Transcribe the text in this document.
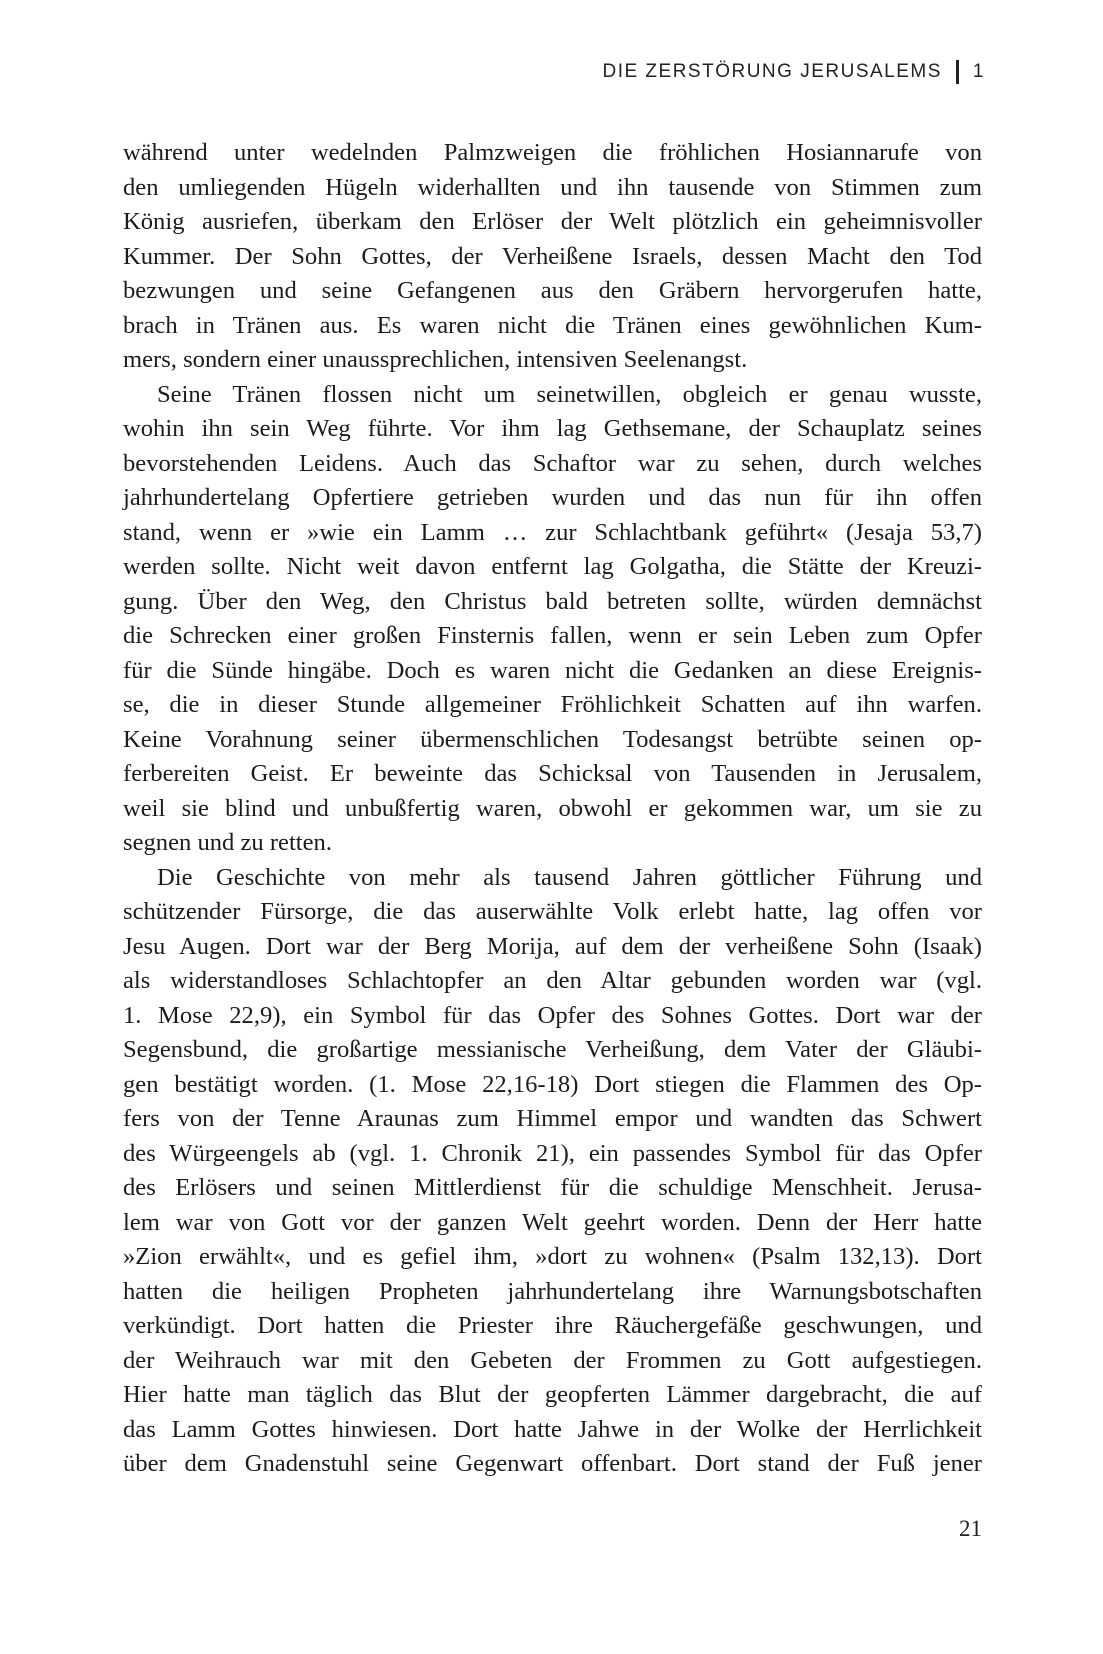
DIE ZERSTÖRUNG JERUSALEMS 1
während unter wedelnden Palmzweigen die fröhlichen Hosiannarufe von
den umliegenden Hügeln widerhallten und ihn tausende von Stimmen zum
König ausriefen, überkam den Erlöser der Welt plötzlich ein geheimnisvoller
Kummer. Der Sohn Gottes, der Verheißene Israels, dessen Macht den Tod
bezwungen und seine Gefangenen aus den Gräbern hervorgerufen hatte,
brach in Tränen aus. Es waren nicht die Tränen eines gewöhnlichen Kum-
mers, sondern einer unaussprechlichen, intensiven Seelenangst.
Seine Tränen flossen nicht um seinetwillen, obgleich er genau wusste,
wohin ihn sein Weg führte. Vor ihm lag Gethsemane, der Schauplatz seines
bevorstehenden Leidens. Auch das Schaftor war zu sehen, durch welches
jahrhundertelang Opfertiere getrieben wurden und das nun für ihn offen
stand, wenn er »wie ein Lamm … zur Schlachtbank geführt« (Jesaja 53,7)
werden sollte. Nicht weit davon entfernt lag Golgatha, die Stätte der Kreuzi-
gung. Über den Weg, den Christus bald betreten sollte, würden demnächst
die Schrecken einer großen Finsternis fallen, wenn er sein Leben zum Opfer
für die Sünde hingäbe. Doch es waren nicht die Gedanken an diese Ereignis-
se, die in dieser Stunde allgemeiner Fröhlichkeit Schatten auf ihn warfen.
Keine Vorahnung seiner übermenschlichen Todesangst betrübte seinen op-
ferbereiten Geist. Er beweinte das Schicksal von Tausenden in Jerusalem,
weil sie blind und unbußfertig waren, obwohl er gekommen war, um sie zu
segnen und zu retten.
Die Geschichte von mehr als tausend Jahren göttlicher Führung und
schützender Fürsorge, die das auserwählte Volk erlebt hatte, lag offen vor
Jesu Augen. Dort war der Berg Morija, auf dem der verheißene Sohn (Isaak)
als widerstandloses Schlachtopfer an den Altar gebunden worden war (vgl.
1. Mose 22,9), ein Symbol für das Opfer des Sohnes Gottes. Dort war der
Segensbund, die großartige messianische Verheißung, dem Vater der Gläubi-
gen bestätigt worden. (1. Mose 22,16-18) Dort stiegen die Flammen des Op-
fers von der Tenne Araunas zum Himmel empor und wandten das Schwert
des Würgeengels ab (vgl. 1. Chronik 21), ein passendes Symbol für das Opfer
des Erlösers und seinen Mittlerdienst für die schuldige Menschheit. Jerusa-
lem war von Gott vor der ganzen Welt geehrt worden. Denn der Herr hatte
»Zion erwählt«, und es gefiel ihm, »dort zu wohnen« (Psalm 132,13). Dort
hatten die heiligen Propheten jahrhundertelang ihre Warnungsbotschaften
verkündigt. Dort hatten die Priester ihre Räuchergefäße geschwungen, und
der Weihrauch war mit den Gebeten der Frommen zu Gott aufgestiegen.
Hier hatte man täglich das Blut der geopferten Lämmer dargebracht, die auf
das Lamm Gottes hinwiesen. Dort hatte Jahwe in der Wolke der Herrlichkeit
über dem Gnadenstuhl seine Gegenwart offenbart. Dort stand der Fuß jener
21
